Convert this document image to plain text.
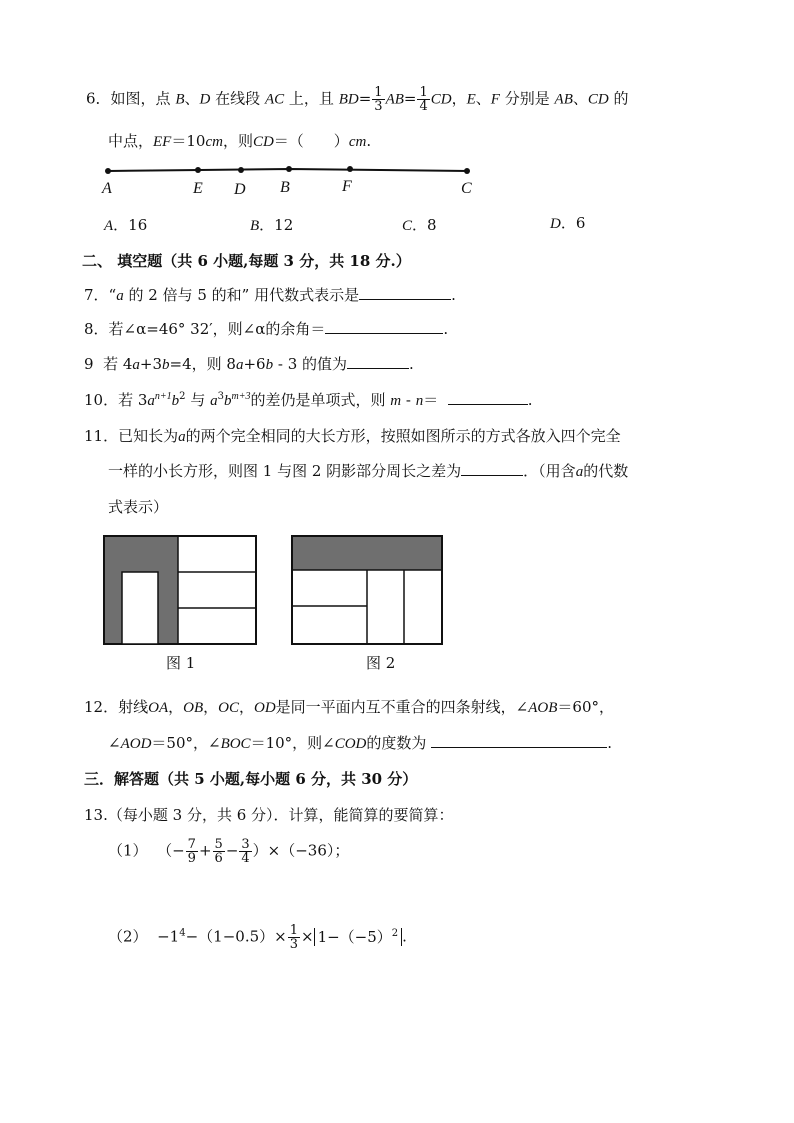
6．如图，点 B、D 在线段 AC 上，且 $BD= \frac{1}{3} AB= \frac{1}{4}$ CD，E、F 分别是 AB、CD 的
中点，EF＝10cm，则CD＝（　　）cm.
A	E D B	F	C
A．16	B．12	C．8	D．6
二、 填空题（共 6 小题,每题 3 分，共 18 分.）
7．“a 的 2 倍与 5 的和” 用代数式表示是	.
8．若∠α=46° 32′，则∠α的余角＝	.
9 若 4a+3b=4，则 8a+6b - 3 的值为	.
10．若 $3a^{n+1}b^2$ 与 $a^3b^{m+3}$的差仍是单项式，则 m - n＝	.
11．已知长为a的两个完全相同的大长方形，按照如图所示的方式各放入四个完全
一样的小长方形，则图 1 与图 2 阴影部分周长之差为	．（用含a的代数
式表示）
图 1	图 2
12．射线OA，OB，OC，OD是同一平面内互不重合的四条射线，∠AOB＝60°，
∠AOD＝50°，∠BOC＝10°，则∠COD的度数为	.
三．解答题（共 5 小题,每小题 6 分，共 30 分）
13.（每小题 3 分，共 6 分）．计算，能简算的要简算：
（1） （− $\frac{7}{9} + \frac{5}{6} - \frac{3}{4} )\times(-36)$；
$(2) -1^4-(1-0.5)\times \frac{1}{3} \times 1-(-5)^2$ .
